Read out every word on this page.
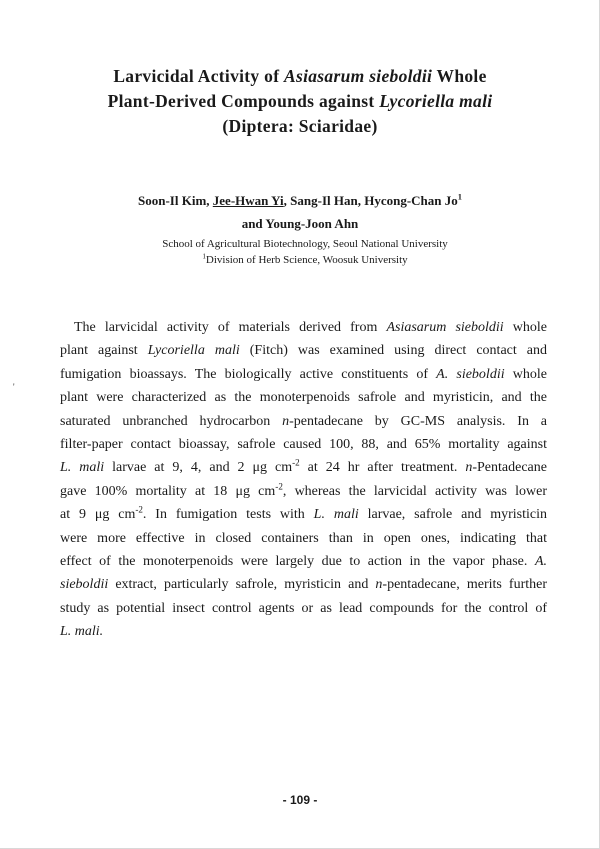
Larvicidal Activity of Asiasarum sieboldii Whole
Plant-Derived Compounds against Lycoriella mali
(Diptera: Sciaridae)
Soon-Il Kim, Jee-Hwan Yi, Sang-Il Han, Hycong-Chan Jo$^1$
and Young-Joon Ahn
School of Agricultural Biotechnology, Seoul National University
$^1$Division of Herb Science, Woosuk University
'
The larvicidal activity of materials derived from Asiasarum sieboldii whole
plant against Lycoriella mali (Fitch) was examined using direct contact and
fumigation bioassays. The biologically active constituents of A. sieboldii whole
plant were characterized as the monoterpenoids safrole and myristicin, and the
saturated unbranched hydrocarbon n-pentadecane by GC-MS analysis. In a
filter-paper contact bioassay, safrole caused 100, 88, and 65% mortality against
L. mali larvae at 9, 4, and 2 μg $cm^{-2}$ at 24 hr after treatment. n-Pentadecane
gave 100% mortality at 18 μg $cm^{-2}$, whereas the larvicidal activity was lower
at 9 μg $cm^{-2}$. In fumigation tests with L. mali larvae, safrole and myristicin
were more effective in closed containers than in open ones, indicating that
effect of the monoterpenoids were largely due to action in the vapor phase. A.
sieboldii extract, particularly safrole, myristicin and n-pentadecane, merits further
study as potential insect control agents or as lead compounds for the control of
L. mali.
- 109 -
